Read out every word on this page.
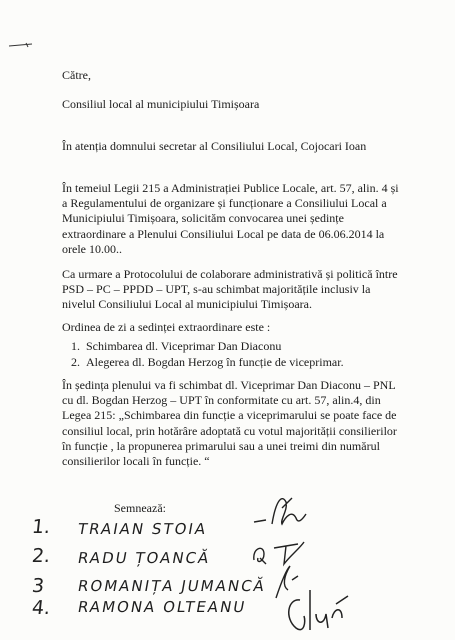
Către,

Consiliul local al municipiului Timișoara

În atenția domnului secretar al Consiliului Local, Cojocari Ioan

În temeiul Legii 215 a Administrației Publice Locale, art. 57, alin. 4 și
a Regulamentului de organizare și funcționare a Consiliului Local a
Municipiului Timișoara, solicităm convocarea unei ședințe
extraordinare a Plenului Consiliului Local pe data de 06.06.2014 la
orele 10.00..
Ca urmare a Protocolului de colaborare administrativă și politică între
PSD – PC – PPDD – UPT, s-au schimbat majoritățile inclusiv la
nivelul Consiliului Local al municipiului Timișoara.

Ordinea de zi a sedinței extraordinare este :

1. Schimbarea dl. Viceprimar Dan Diaconu
2. Alegerea dl. Bogdan Herzog în funcție de viceprimar.
În ședința plenului va fi schimbat dl. Viceprimar Dan Diaconu – PNL
cu dl. Bogdan Herzog – UPT în conformitate cu art. 57, alin.4, din
Legea 215: „Schimbarea din funcție a viceprimarului se poate face de
consiliul local, prin hotărâre adoptată cu votul majorității consilierilor
în funcție , la propunerea primarului sau a unei treimi din numărul
consilierilor locali în funcție. “
Semnează:
1. TRAIAN STOIA
2. RADU ȚOANCĂ
3 ROMANIȚA JUMANCĂ
4. RAMONA OLTEANU
